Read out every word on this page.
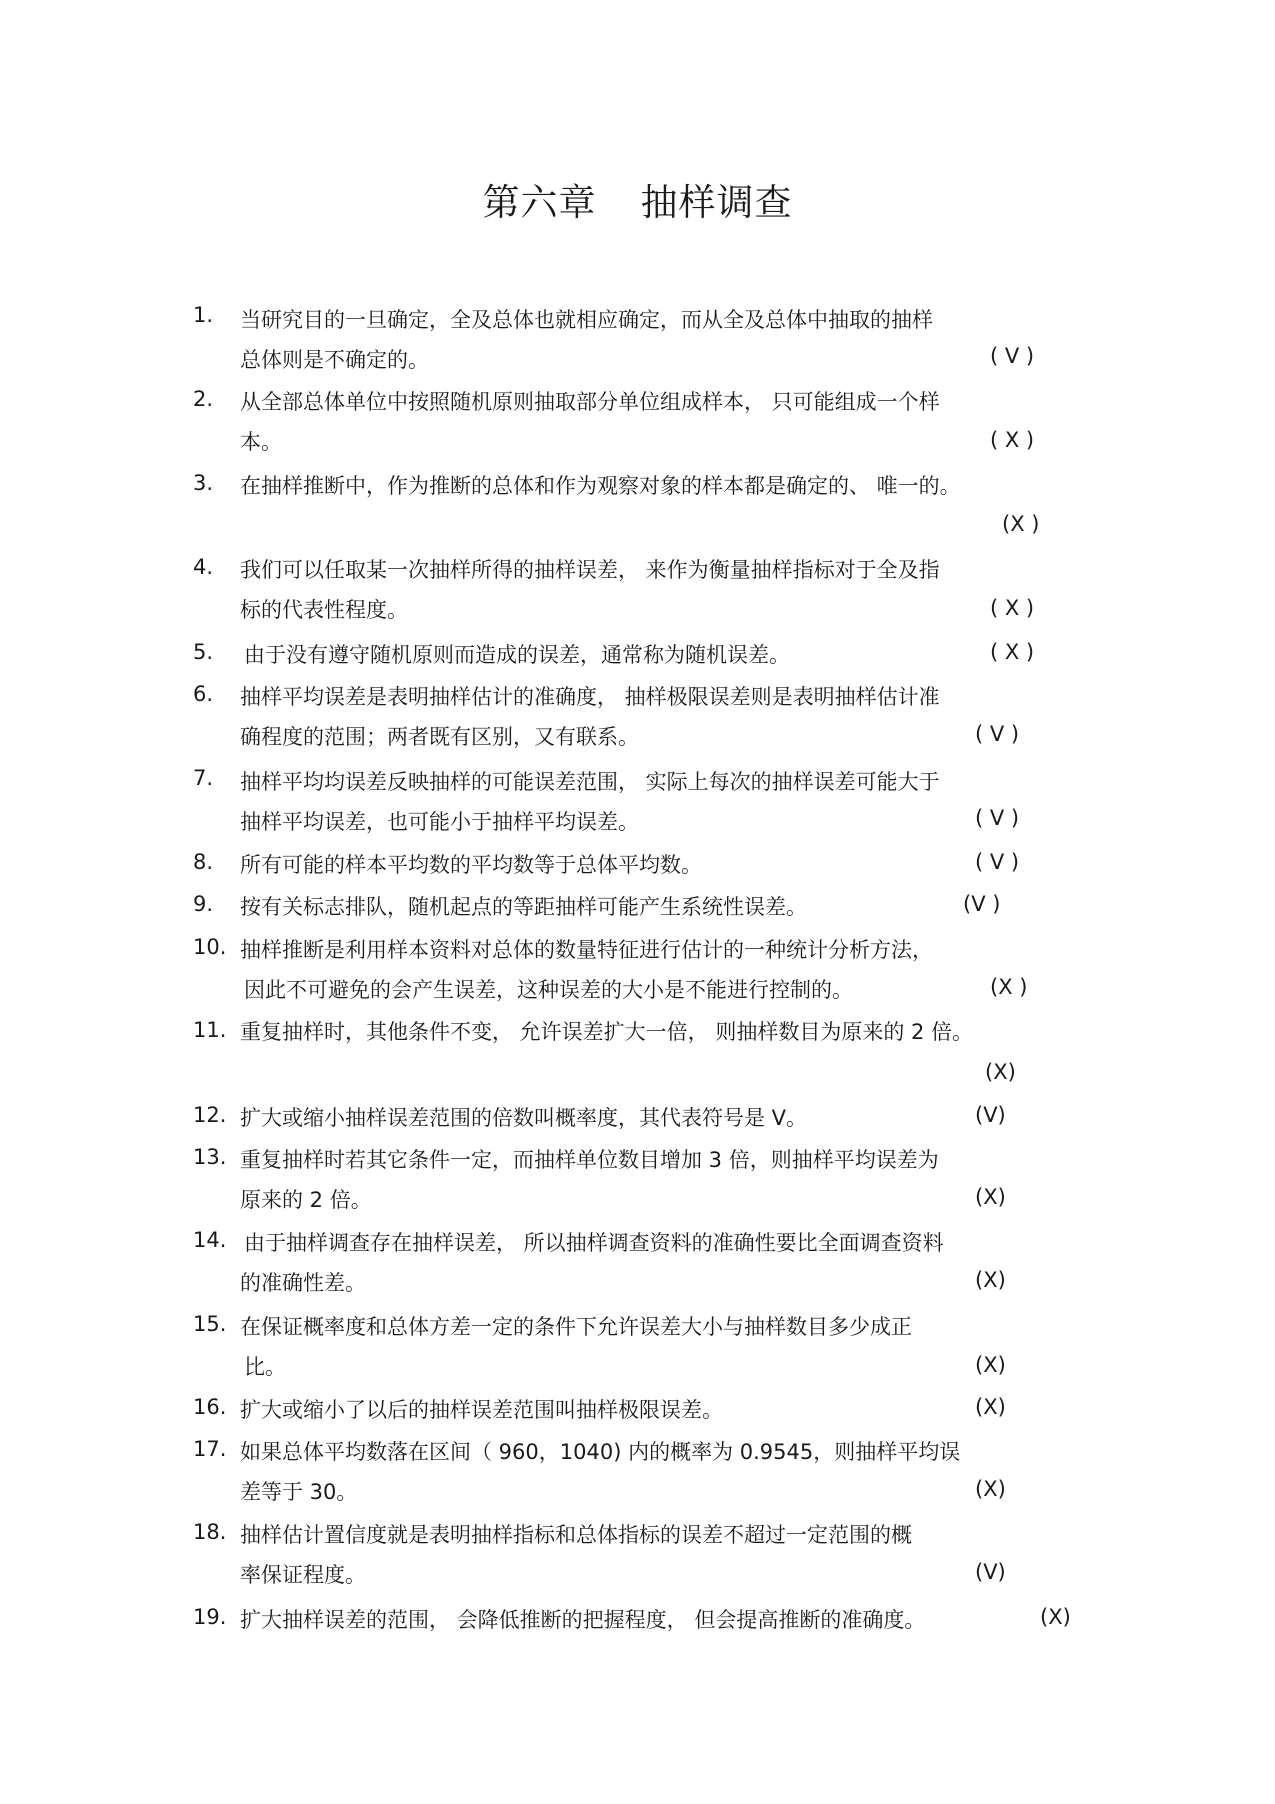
第六章 抽样调查
1. 当研究目的一旦确定，全及总体也就相应确定，而从全及总体中抽取的抽样
总体则是不确定的。	( V )
2. 从全部总体单位中按照随机原则抽取部分单位组成样本， 只可能组成一个样
本。	( X )
3. 在抽样推断中，作为推断的总体和作为观察对象的样本都是确定的、 唯一的。
(X )
4. 我们可以任取某一次抽样所得的抽样误差， 来作为衡量抽样指标对于全及指
标的代表性程度。	( X )
5. 由于没有遵守随机原则而造成的误差，通常称为随机误差。	( X )
6. 抽样平均误差是表明抽样估计的准确度， 抽样极限误差则是表明抽样估计准
确程度的范围；两者既有区别，又有联系。	( V )
7. 抽样平均均误差反映抽样的可能误差范围， 实际上每次的抽样误差可能大于
抽样平均误差，也可能小于抽样平均误差。	( V )
8. 所有可能的样本平均数的平均数等于总体平均数。	( V )
9. 按有关标志排队，随机起点的等距抽样可能产生系统性误差。	(V )
10. 抽样推断是利用样本资料对总体的数量特征进行估计的一种统计分析方法，
因此不可避免的会产生误差，这种误差的大小是不能进行控制的。	(X )
11. 重复抽样时，其他条件不变， 允许误差扩大一倍， 则抽样数目为原来的 2 倍。
(X)
12. 扩大或缩小抽样误差范围的倍数叫概率度，其代表符号是 V。	(V)
13. 重复抽样时若其它条件一定，而抽样单位数目增加 3 倍，则抽样平均误差为
原来的 2 倍。	(X)
14. 由于抽样调查存在抽样误差， 所以抽样调查资料的准确性要比全面调查资料
的准确性差。	(X)
15. 在保证概率度和总体方差一定的条件下允许误差大小与抽样数目多少成正
比。	(X)
16. 扩大或缩小了以后的抽样误差范围叫抽样极限误差。	(X)
17. 如果总体平均数落在区间（ 960，1040) 内的概率为 0.9545，则抽样平均误
差等于 30。	(X)
18. 抽样估计置信度就是表明抽样指标和总体指标的误差不超过一定范围的概
率保证程度。	(V)
19. 扩大抽样误差的范围， 会降低推断的把握程度， 但会提高推断的准确度。	(X)
